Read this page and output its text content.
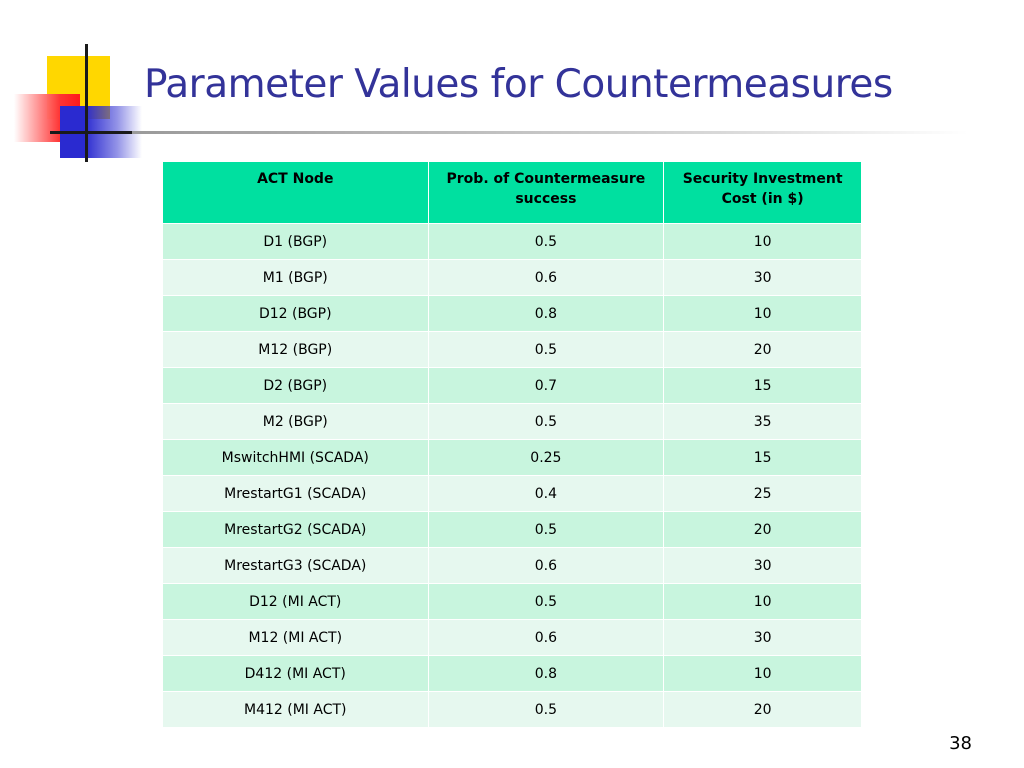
Parameter Values for Countermeasures
ACT Node	Prob. of Countermeasure success	Security Investment Cost (in $)
D1 (BGP)	0.5	10
M1 (BGP)	0.6	30
D12 (BGP)	0.8	10
M12 (BGP)	0.5	20
D2 (BGP)	0.7	15
M2 (BGP)	0.5	35
MswitchHMI (SCADA)	0.25	15
MrestartG1 (SCADA)	0.4	25
MrestartG2 (SCADA)	0.5	20
MrestartG3 (SCADA)	0.6	30
D12 (MI ACT)	0.5	10
M12 (MI ACT)	0.6	30
D412 (MI ACT)	0.8	10
M412 (MI ACT)	0.5	20
38
